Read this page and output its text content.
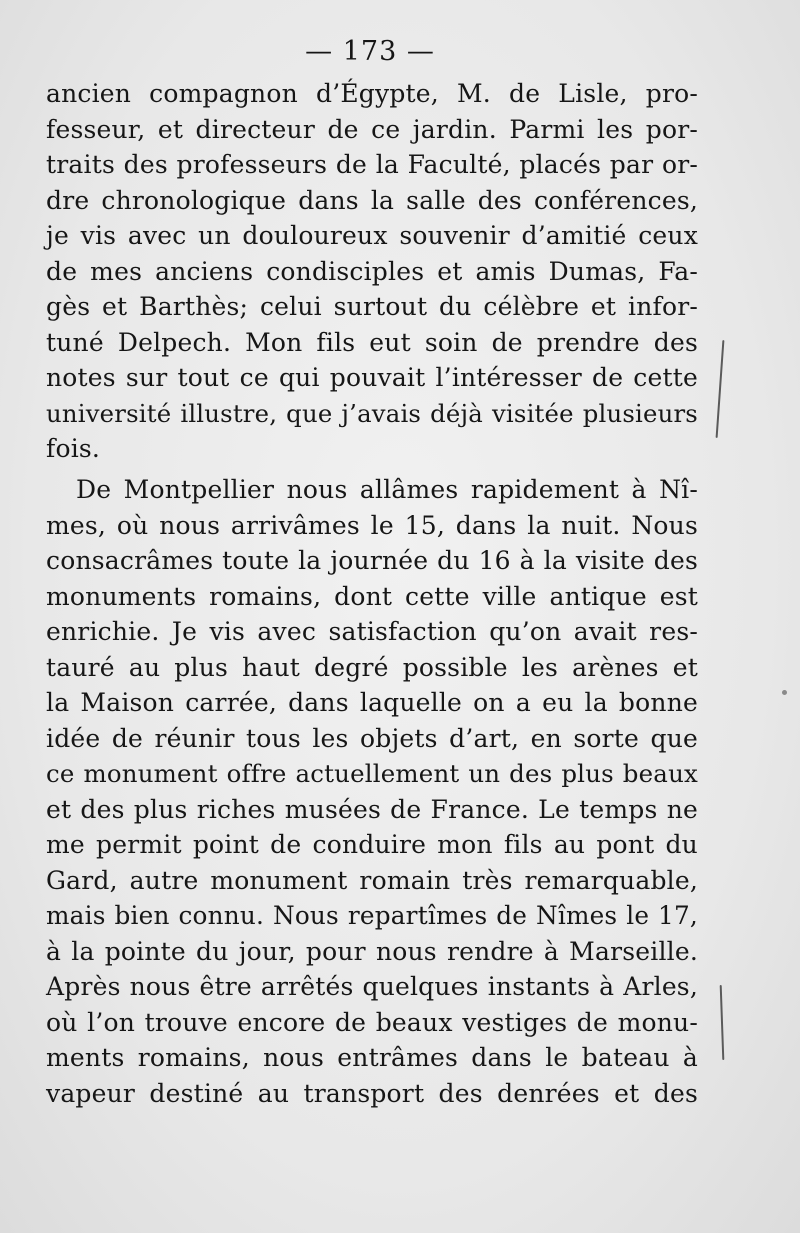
— 173 —
ancien compagnon d’Égypte, M. de Lisle, pro-
fesseur, et directeur de ce jardin. Parmi les por-
traits des professeurs de la Faculté, placés par or-
dre chronologique dans la salle des conférences,
je vis avec un douloureux souvenir d’amitié ceux
de mes anciens condisciples et amis Dumas, Fa-
gès et Barthès; celui surtout du célèbre et infor-
tuné Delpech. Mon fils eut soin de prendre des
notes sur tout ce qui pouvait l’intéresser de cette
université illustre, que j’avais déjà visitée plusieurs
fois.
De Montpellier nous allâmes rapidement à Nî-
mes, où nous arrivâmes le 15, dans la nuit. Nous
consacrâmes toute la journée du 16 à la visite des
monuments romains, dont cette ville antique est
enrichie. Je vis avec satisfaction qu’on avait res-
tauré au plus haut degré possible les arènes et
la Maison carrée, dans laquelle on a eu la bonne
idée de réunir tous les objets d’art, en sorte que
ce monument offre actuellement un des plus beaux
et des plus riches musées de France. Le temps ne
me permit point de conduire mon fils au pont du
Gard, autre monument romain très remarquable,
mais bien connu. Nous repartîmes de Nîmes le 17,
à la pointe du jour, pour nous rendre à Marseille.
Après nous être arrêtés quelques instants à Arles,
où l’on trouve encore de beaux vestiges de monu-
ments romains, nous entrâmes dans le bateau à
vapeur destiné au transport des denrées et des
